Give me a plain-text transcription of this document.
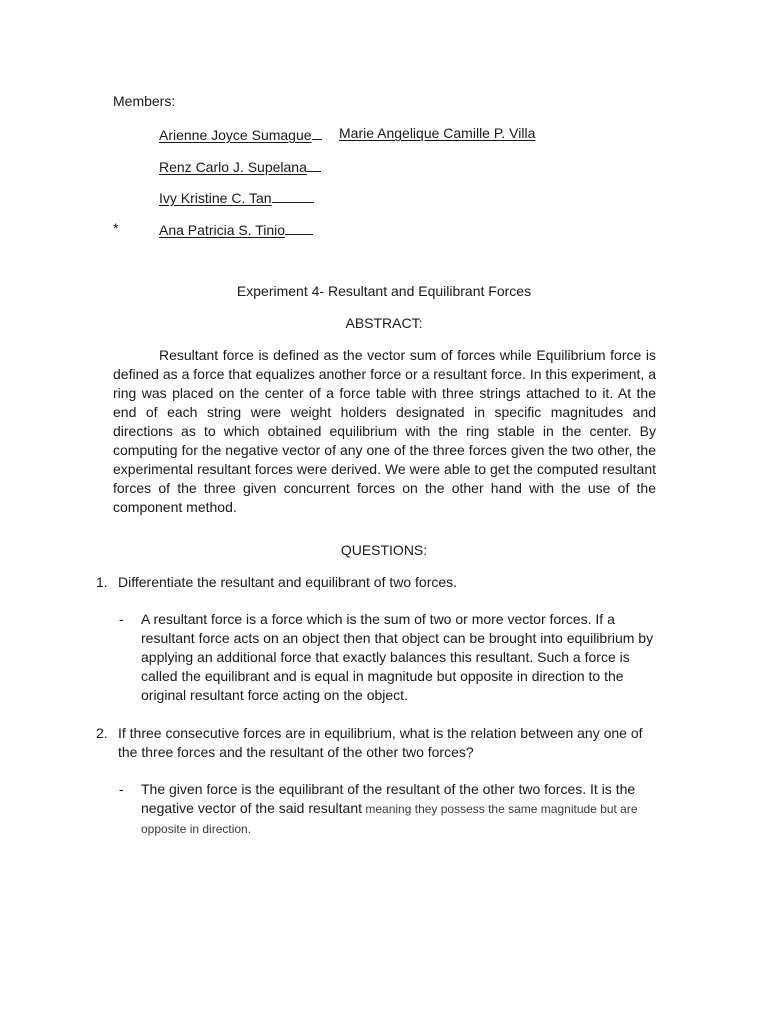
Members:
Arienne Joyce Sumague	Marie Angelique Camille P. Villa
Renz Carlo J. Supelana
Ivy Kristine C. Tan
*	Ana Patricia S. Tinio
Experiment 4- Resultant and Equilibrant Forces
ABSTRACT:
Resultant force is defined as the vector sum of forces while Equilibrium force is defined as a force that equalizes another force or a resultant force. In this experiment, a ring was placed on the center of a force table with three strings attached to it. At the end of each string were weight holders designated in specific magnitudes and directions as to which obtained equilibrium with the ring stable in the center. By computing for the negative vector of any one of the three forces given the two other, the experimental resultant forces were derived. We were able to get the computed resultant forces of the three given concurrent forces on the other hand with the use of the component method.
QUESTIONS:
1. Differentiate the resultant and equilibrant of two forces.
- A resultant force is a force which is the sum of two or more vector forces. If a resultant force acts on an object then that object can be brought into equilibrium by applying an additional force that exactly balances this resultant. Such a force is called the equilibrant and is equal in magnitude but opposite in direction to the original resultant force acting on the object.
2. If three consecutive forces are in equilibrium, what is the relation between any one of the three forces and the resultant of the other two forces?
- The given force is the equilibrant of the resultant of the other two forces. It is the negative vector of the said resultant meaning they possess the same magnitude but are opposite in direction.
